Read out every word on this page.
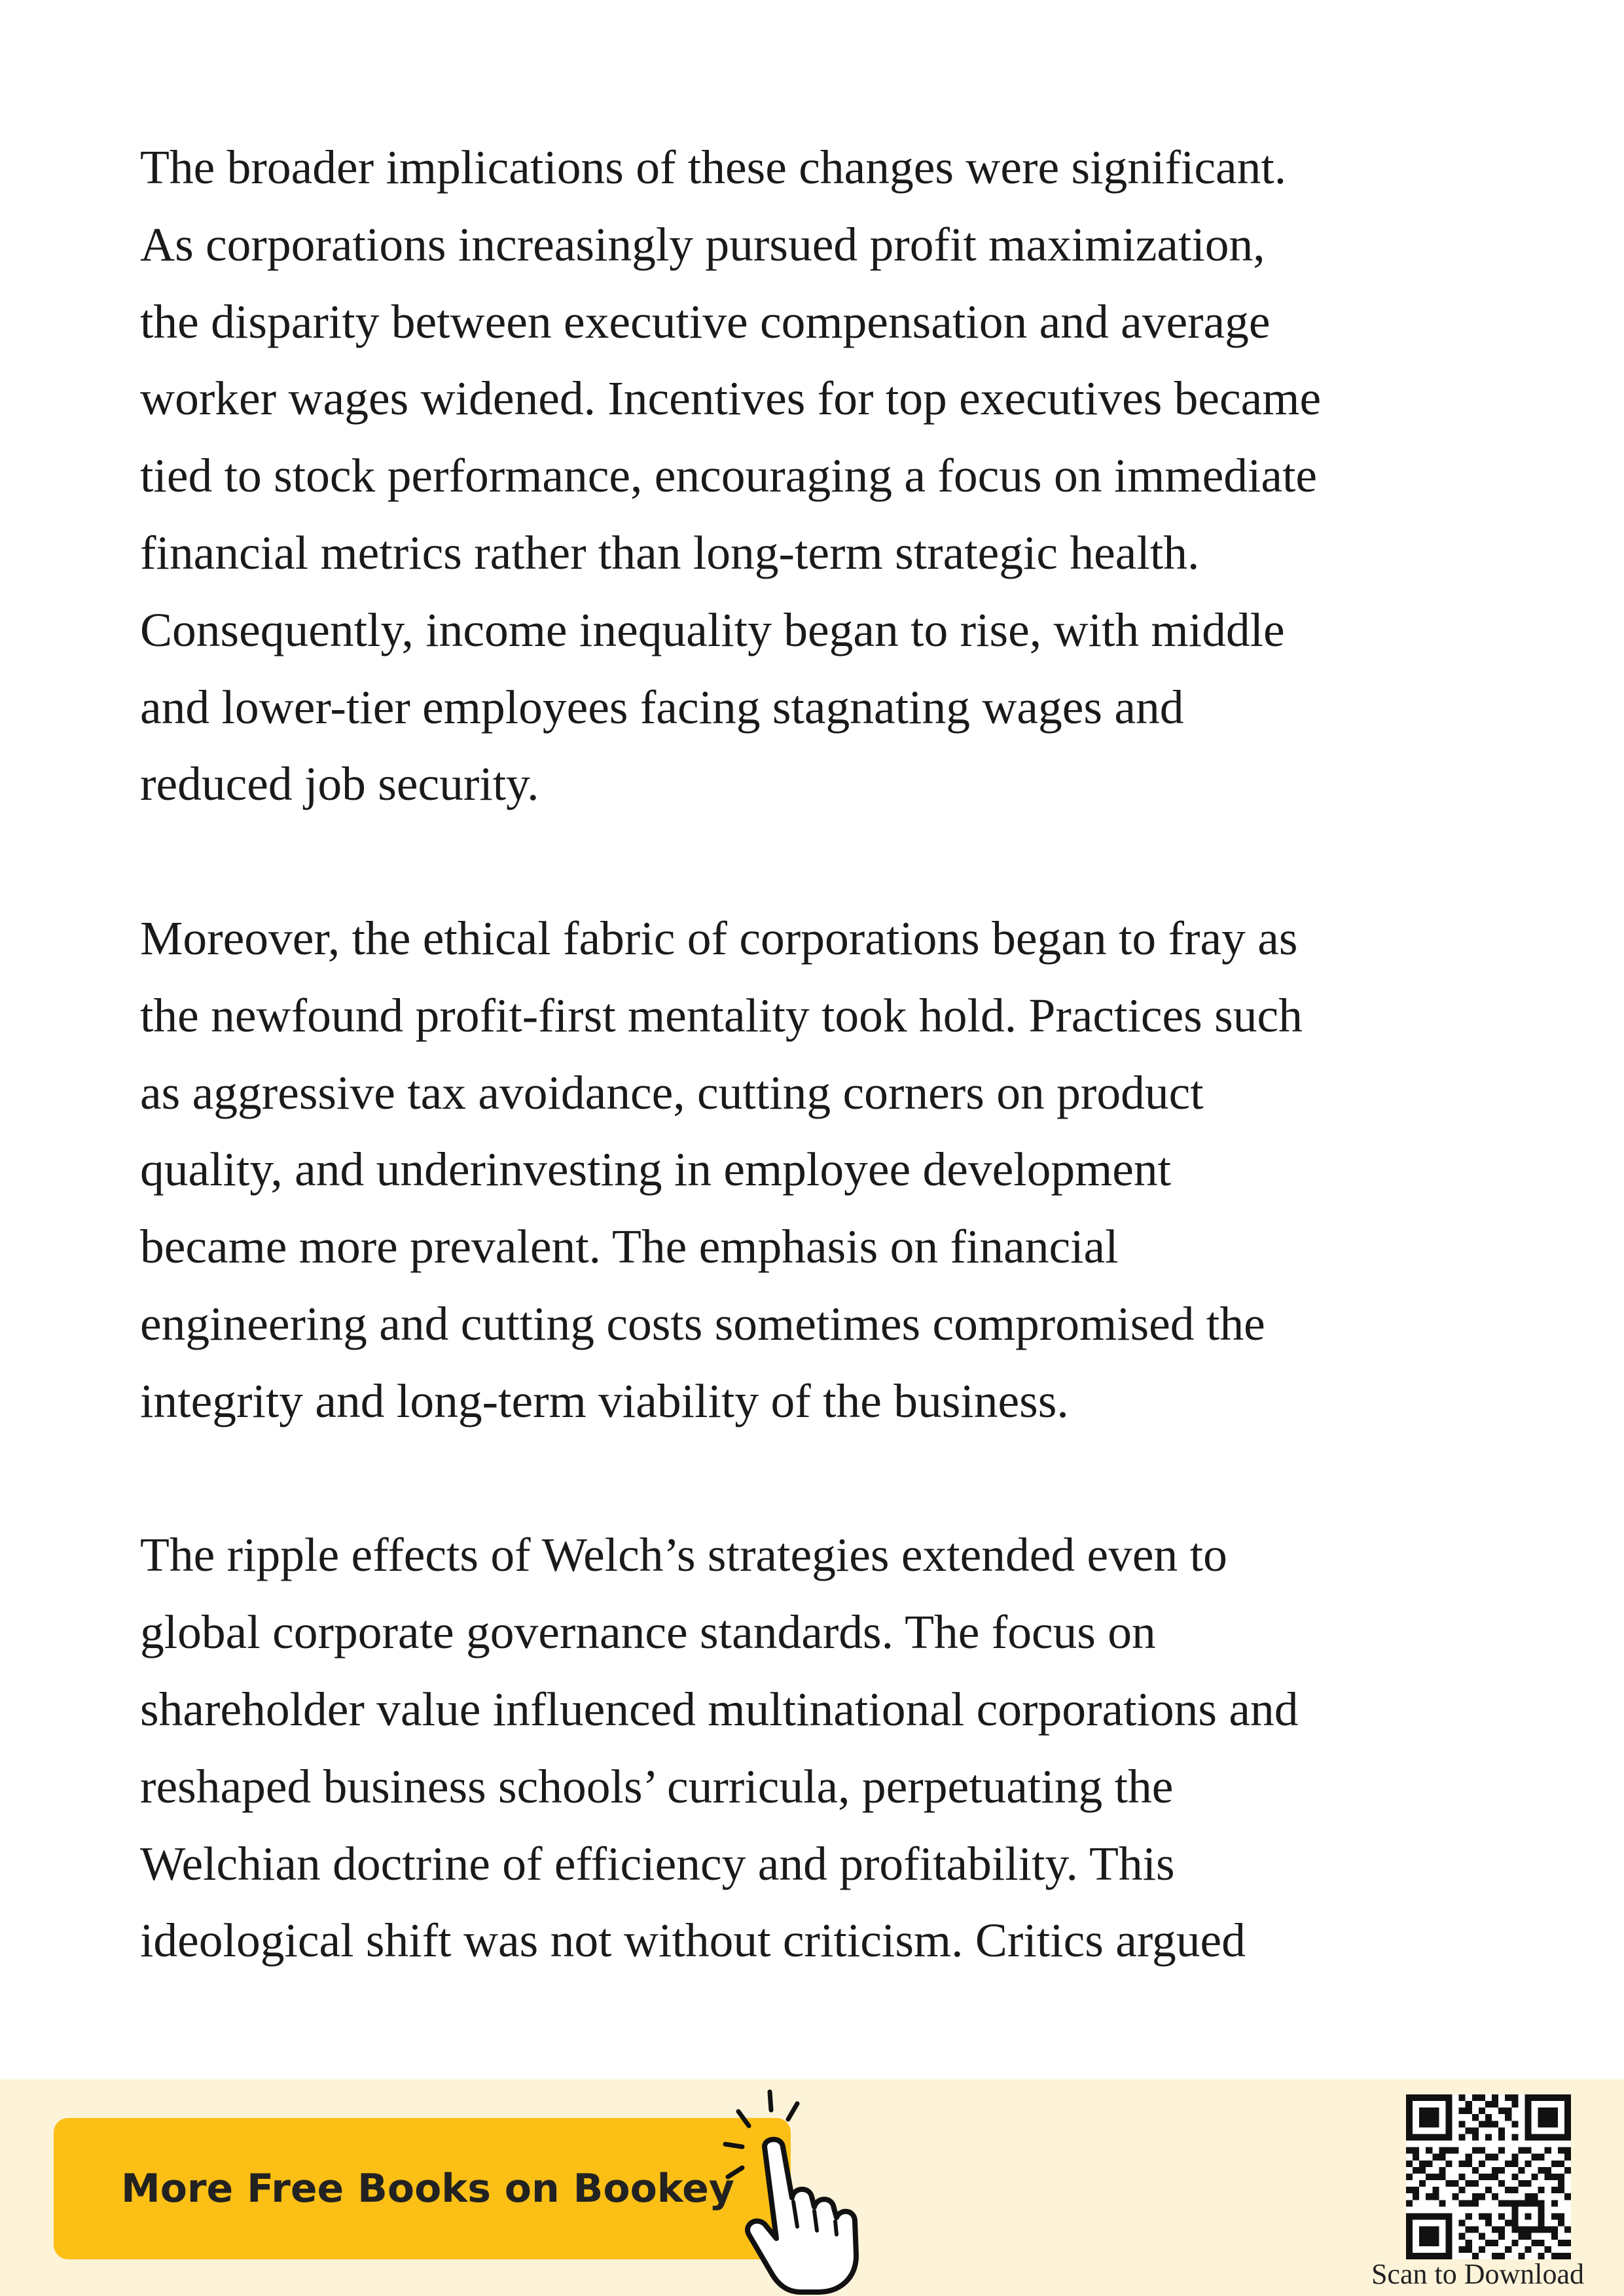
The broader implications of these changes were significant.
As corporations increasingly pursued profit maximization,
the disparity between executive compensation and average
worker wages widened. Incentives for top executives became
tied to stock performance, encouraging a focus on immediate
financial metrics rather than long-term strategic health.
Consequently, income inequality began to rise, with middle
and lower-tier employees facing stagnating wages and
reduced job security.

Moreover, the ethical fabric of corporations began to fray as
the newfound profit-first mentality took hold. Practices such
as aggressive tax avoidance, cutting corners on product
quality, and underinvesting in employee development
became more prevalent. The emphasis on financial
engineering and cutting costs sometimes compromised the
integrity and long-term viability of the business.

The ripple effects of Welch’s strategies extended even to
global corporate governance standards. The focus on
shareholder value influenced multinational corporations and
reshaped business schools’ curricula, perpetuating the
Welchian doctrine of efficiency and profitability. This
ideological shift was not without criticism. Critics argued

More Free Books on Bookey
Scan to Download
